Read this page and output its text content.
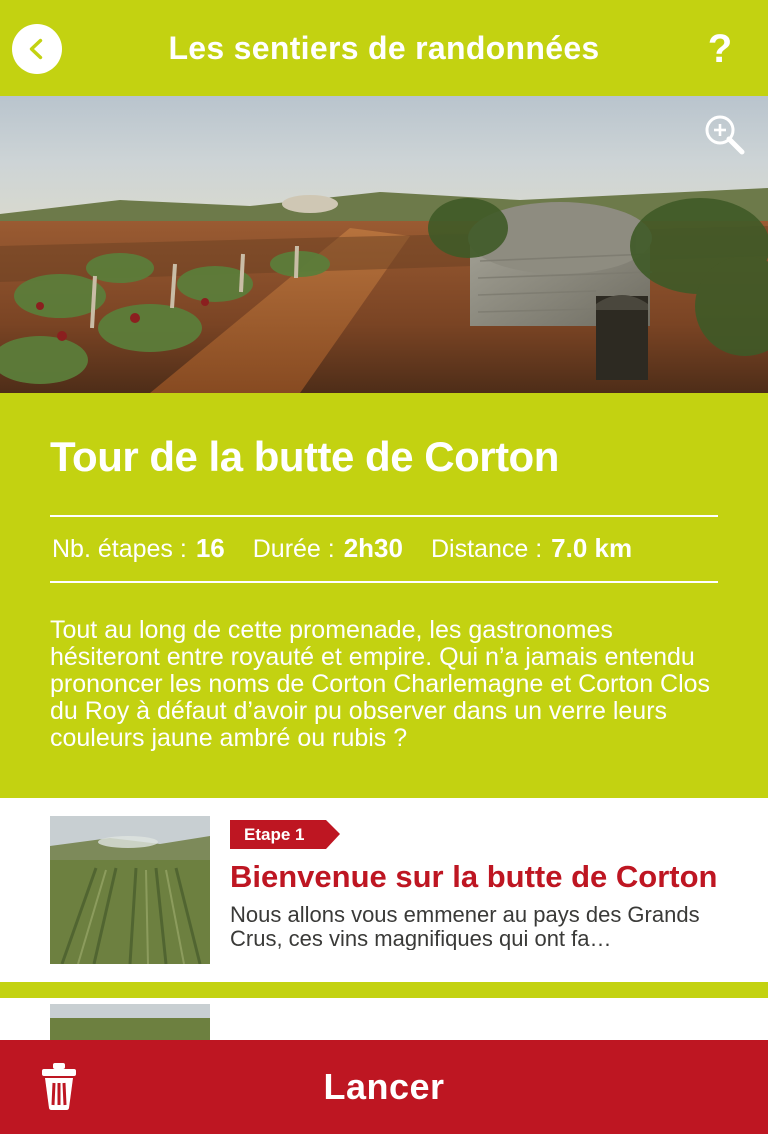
Les sentiers de randonnées	?
Tour de la butte de Corton
Nb. étapes : 16 Durée : 2h30 Distance : 7.0 km
Tout au long de cette promenade, les gastronomes hésiteront entre royauté et empire. Qui n’a jamais entendu prononcer les noms de Corton Charlemagne et Corton Clos du Roy à défaut d’avoir pu observer dans un verre leurs couleurs jaune ambré ou rubis ?
Etape 1
Bienvenue sur la butte de Corton
Nous allons vous emmener au pays des Grands Crus, ces vins magnifiques qui ont fa…
Lancer
